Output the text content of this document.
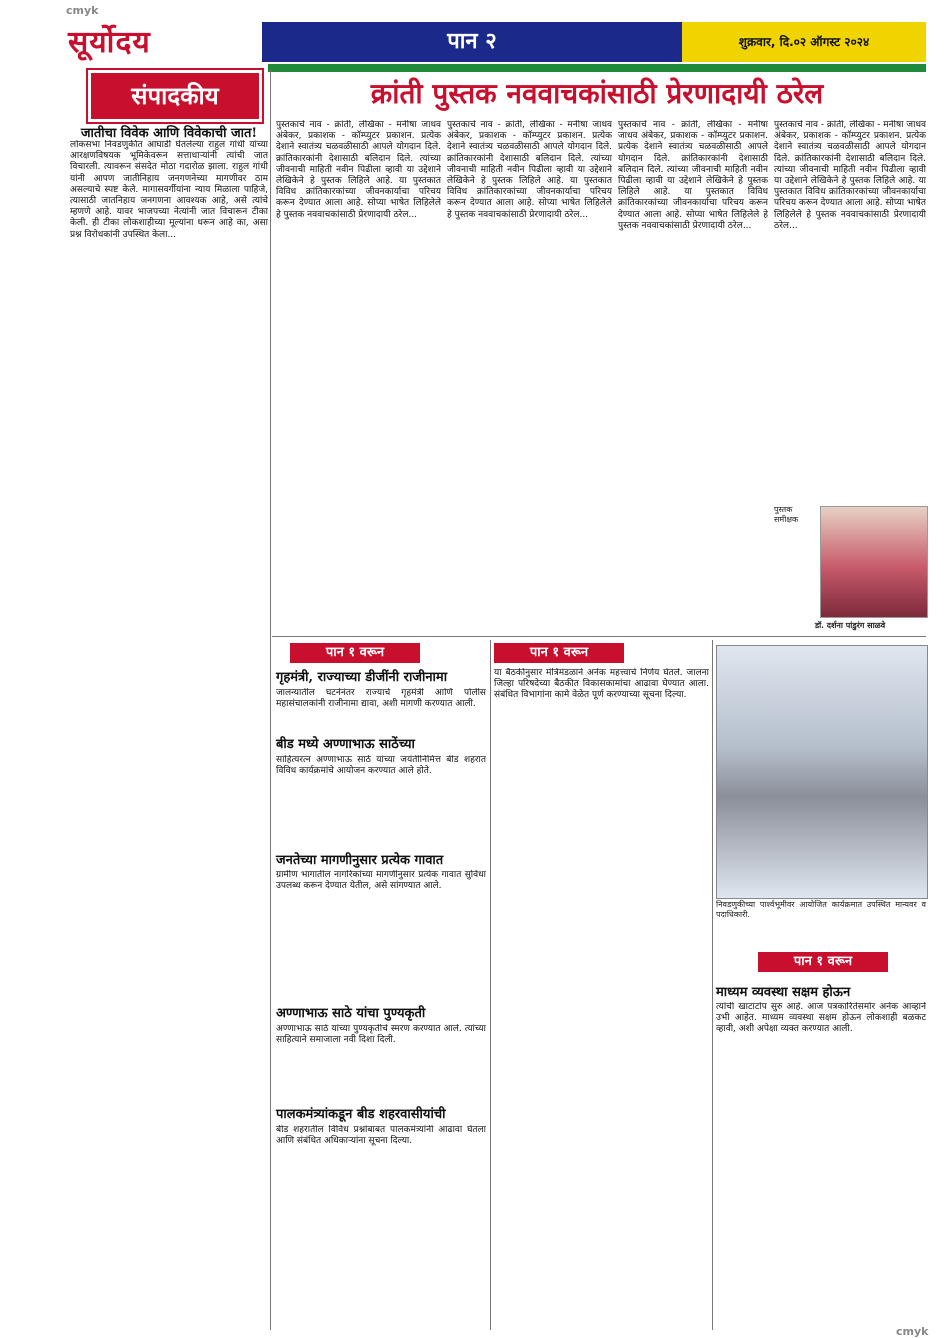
cmyk
सूर्योदय	पान २	शुक्रवार, दि.०२ ऑगस्ट २०२४
संपादकीय
जातीचा विवेक आणि विवेकाची जात!
लोकसभा निवडणुकीत आघाडी घेतलेल्या राहुल गांधी यांच्या आरक्षणविषयक भूमिकेवरून सत्ताधाऱ्यांनी त्यांची जात विचारली. त्यावरून संसदेत मोठा गदारोळ झाला. राहुल गांधी यांनी आपण जातीनिहाय जनगणनेच्या मागणीवर ठाम असल्याचे स्पष्ट केले. मागासवर्गीयांना न्याय मिळाला पाहिजे, त्यासाठी जातनिहाय जनगणना आवश्यक आहे, असे त्यांचे म्हणणे आहे. यावर भाजपच्या नेत्यांनी जात विचारून टीका केली. ही टीका लोकशाहीच्या मूल्यांना धरून आहे का, असा प्रश्न विरोधकांनी उपस्थित केला...
क्रांती पुस्तक नववाचकांसाठी प्रेरणादायी ठरेल
पुस्तकाचे नाव - क्रांती, लेखिका - मनीषा जाधव अंबेकर, प्रकाशक - कॉम्प्युटर प्रकाशन. प्रत्येक देशाने स्वातंत्र्य चळवळीसाठी आपले योगदान दिले. क्रांतिकारकांनी देशासाठी बलिदान दिले. त्यांच्या जीवनाची माहिती नवीन पिढीला व्हावी या उद्देशाने लेखिकेने हे पुस्तक लिहिले आहे. या पुस्तकात विविध क्रांतिकारकांच्या जीवनकार्याचा परिचय करून देण्यात आला आहे. सोप्या भाषेत लिहिलेले हे पुस्तक नववाचकांसाठी प्रेरणादायी ठरेल...
पुस्तकाचे नाव - क्रांती, लेखिका - मनीषा जाधव अंबेकर, प्रकाशक - कॉम्प्युटर प्रकाशन. प्रत्येक देशाने स्वातंत्र्य चळवळीसाठी आपले योगदान दिले. क्रांतिकारकांनी देशासाठी बलिदान दिले. त्यांच्या जीवनाची माहिती नवीन पिढीला व्हावी या उद्देशाने लेखिकेने हे पुस्तक लिहिले आहे. या पुस्तकात विविध क्रांतिकारकांच्या जीवनकार्याचा परिचय करून देण्यात आला आहे. सोप्या भाषेत लिहिलेले हे पुस्तक नववाचकांसाठी प्रेरणादायी ठरेल...
पुस्तकाचे नाव - क्रांती, लेखिका - मनीषा जाधव अंबेकर, प्रकाशक - कॉम्प्युटर प्रकाशन. प्रत्येक देशाने स्वातंत्र्य चळवळीसाठी आपले योगदान दिले. क्रांतिकारकांनी देशासाठी बलिदान दिले. त्यांच्या जीवनाची माहिती नवीन पिढीला व्हावी या उद्देशाने लेखिकेने हे पुस्तक लिहिले आहे. या पुस्तकात विविध क्रांतिकारकांच्या जीवनकार्याचा परिचय करून देण्यात आला आहे. सोप्या भाषेत लिहिलेले हे पुस्तक नववाचकांसाठी प्रेरणादायी ठरेल...
पुस्तकाचे नाव - क्रांती, लेखिका - मनीषा जाधव अंबेकर, प्रकाशक - कॉम्प्युटर प्रकाशन. प्रत्येक देशाने स्वातंत्र्य चळवळीसाठी आपले योगदान दिले. क्रांतिकारकांनी देशासाठी बलिदान दिले. त्यांच्या जीवनाची माहिती नवीन पिढीला व्हावी या उद्देशाने लेखिकेने हे पुस्तक लिहिले आहे. या पुस्तकात विविध क्रांतिकारकांच्या जीवनकार्याचा परिचय करून देण्यात आला आहे. सोप्या भाषेत लिहिलेले हे पुस्तक नववाचकांसाठी प्रेरणादायी ठरेल...
पुस्तक समीक्षक
डॉ. दर्शना पांडुरंग साळवे
पान १ वरून	पान १ वरून
गृहमंत्री, राज्याच्या डीजींनी राजीनामा
जालन्यातील घटनेनंतर राज्याचे गृहमंत्री आणि पोलीस महासंचालकांनी राजीनामा द्यावा, अशी मागणी करण्यात आली.
बीड मध्ये अण्णाभाऊ साठेंच्या
साहित्यरत्न अण्णाभाऊ साठे यांच्या जयंतीनिमित्त बीड शहरात विविध कार्यक्रमांचे आयोजन करण्यात आले होते.
जनतेच्या मागणीनुसार प्रत्येक गावात
ग्रामीण भागातील नागरिकांच्या मागणीनुसार प्रत्येक गावात सुविधा उपलब्ध करून देण्यात येतील, असे सांगण्यात आले.
अण्णाभाऊ साठे यांचा पुण्यकृती
अण्णाभाऊ साठे यांच्या पुण्यकृतीचे स्मरण करण्यात आले. त्यांच्या साहित्याने समाजाला नवी दिशा दिली.
पालकमंत्र्यांकडून बीड शहरवासीयांची
बीड शहरातील विविध प्रश्नांबाबत पालकमंत्र्यांनी आढावा घेतला आणि संबंधित अधिकाऱ्यांना सूचना दिल्या.
या बैठकीनुसार मंत्रिमंडळाने अनेक महत्त्वाचे निर्णय घेतले. जालना जिल्हा परिषदेच्या बैठकीत विकासकामांचा आढावा घेण्यात आला. संबंधित विभागांना कामे वेळेत पूर्ण करण्याच्या सूचना दिल्या.
निवडणुकीच्या पार्श्वभूमीवर आयोजित कार्यक्रमात उपस्थित मान्यवर व पदाधिकारी.
पान १ वरून
माध्यम व्यवस्था सक्षम होऊन
त्यांची खाटाटोप सुरु आहे. आज पत्रकारितेसमोर अनेक आव्हाने उभी आहेत. माध्यम व्यवस्था सक्षम होऊन लोकशाही बळकट व्हावी, अशी अपेक्षा व्यक्त करण्यात आली.
cmyk
